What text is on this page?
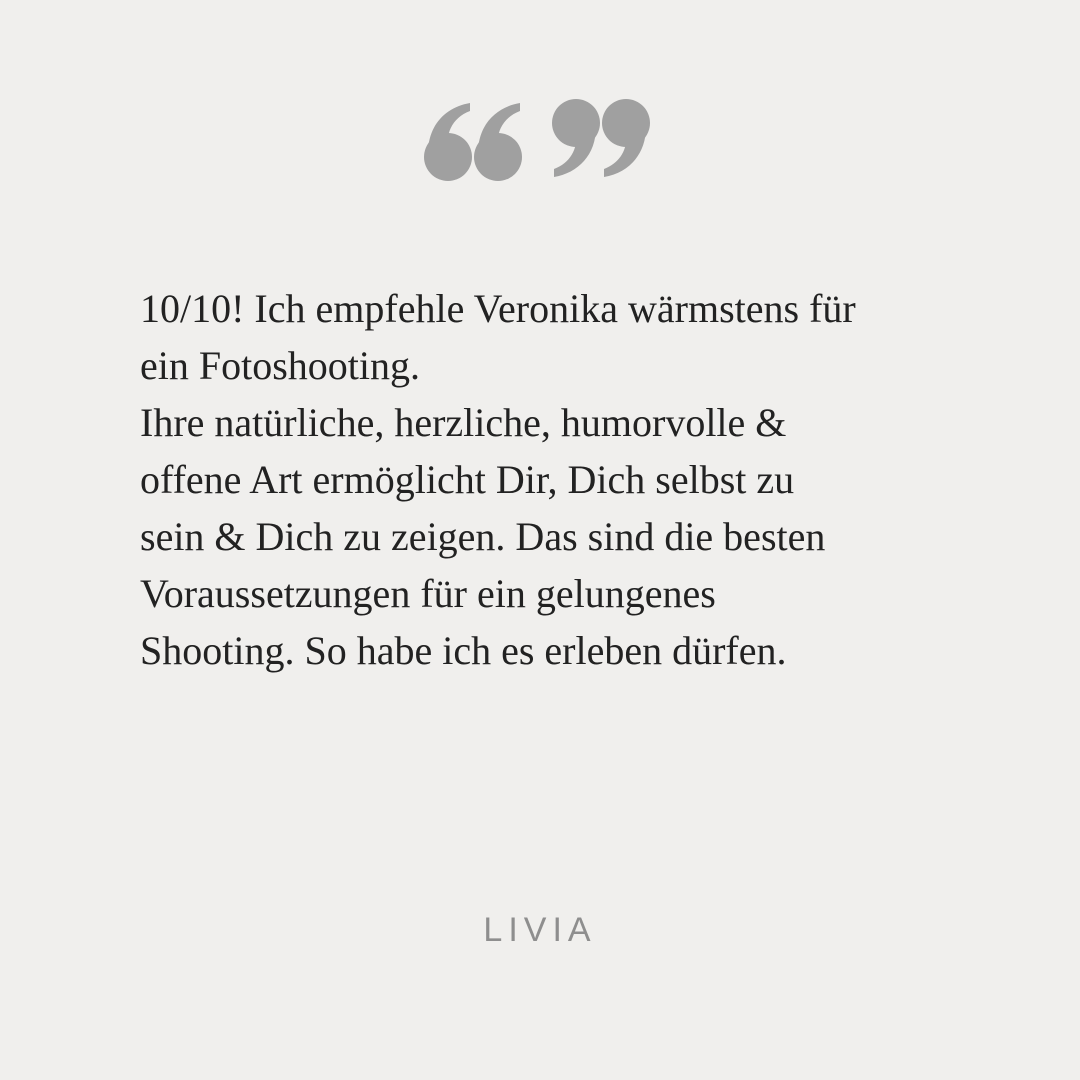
10/10! Ich empfehle Veronika wärmstens für
ein Fotoshooting.
Ihre natürliche, herzliche, humorvolle &
offene Art ermöglicht Dir, Dich selbst zu
sein & Dich zu zeigen. Das sind die besten
Voraussetzungen für ein gelungenes
Shooting. So habe ich es erleben dürfen.

LIVIA
